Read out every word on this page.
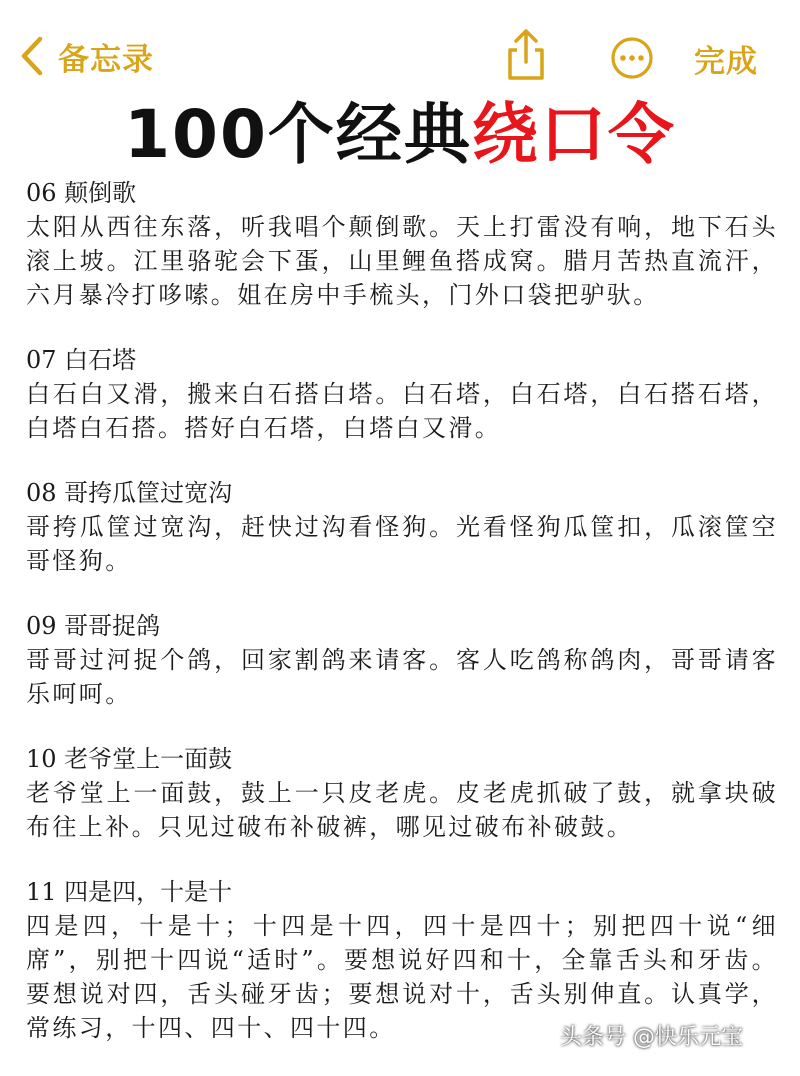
备忘录	完成
100个经典绕口令
06 颠倒歌
太阳从西往东落，听我唱个颠倒歌。天上打雷没有响，地下石头滚上坡。江里骆驼会下蛋，山里鲤鱼搭成窝。腊月苦热直流汗，六月暴冷打哆嗦。姐在房中手梳头，门外口袋把驴驮。
07 白石塔
白石白又滑，搬来白石搭白塔。白石塔，白石塔，白石搭石塔，白塔白石搭。搭好白石塔，白塔白又滑。
08 哥挎瓜筐过宽沟
哥挎瓜筐过宽沟，赶快过沟看怪狗。光看怪狗瓜筐扣，瓜滚筐空哥怪狗。
09 哥哥捉鸽
哥哥过河捉个鸽，回家割鸽来请客。客人吃鸽称鸽肉，哥哥请客乐呵呵。
10 老爷堂上一面鼓
老爷堂上一面鼓，鼓上一只皮老虎。皮老虎抓破了鼓，就拿块破布往上补。只见过破布补破裤，哪见过破布补破鼓。
11 四是四，十是十
四是四，十是十；十四是十四，四十是四十；别把四十说“细席”，别把十四说“适时”。要想说好四和十，全靠舌头和牙齿。要想说对四，舌头碰牙齿；要想说对十，舌头别伸直。认真学，常练习，十四、四十、四十四。	头条号 @快乐元宝
